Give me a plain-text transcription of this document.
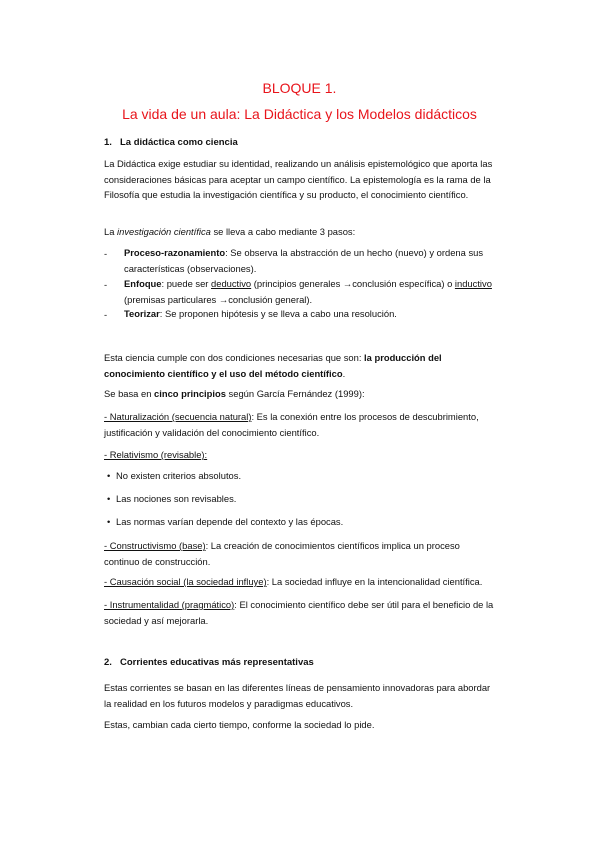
BLOQUE 1.
La vida de un aula: La Didáctica y los Modelos didácticos
1. La didáctica como ciencia
La Didáctica exige estudiar su identidad, realizando un análisis epistemológico que aporta las consideraciones básicas para aceptar un campo científico. La epistemología es la rama de la Filosofía que estudia la investigación científica y su producto, el conocimiento científico.
La investigación científica se lleva a cabo mediante 3 pasos:
- Proceso-razonamiento: Se observa la abstracción de un hecho (nuevo) y ordena sus características (observaciones).
- Enfoque: puede ser deductivo (principios generales →conclusión específica) o inductivo (premisas particulares →conclusión general).
- Teorizar: Se proponen hipótesis y se lleva a cabo una resolución.
Esta ciencia cumple con dos condiciones necesarias que son: la producción del conocimiento científico y el uso del método científico.
Se basa en cinco principios según García Fernández (1999):
- Naturalización (secuencia natural): Es la conexión entre los procesos de descubrimiento, justificación y validación del conocimiento científico.
- Relativismo (revisable):
• No existen criterios absolutos.
• Las nociones son revisables.
• Las normas varían depende del contexto y las épocas.
- Constructivismo (base): La creación de conocimientos científicos implica un proceso continuo de construcción.
- Causación social (la sociedad influye): La sociedad influye en la intencionalidad científica.
- Instrumentalidad (pragmático): El conocimiento científico debe ser útil para el beneficio de la sociedad y así mejorarla.
2. Corrientes educativas más representativas
Estas corrientes se basan en las diferentes líneas de pensamiento innovadoras para abordar la realidad en los futuros modelos y paradigmas educativos.
Estas, cambian cada cierto tiempo, conforme la sociedad lo pide.
